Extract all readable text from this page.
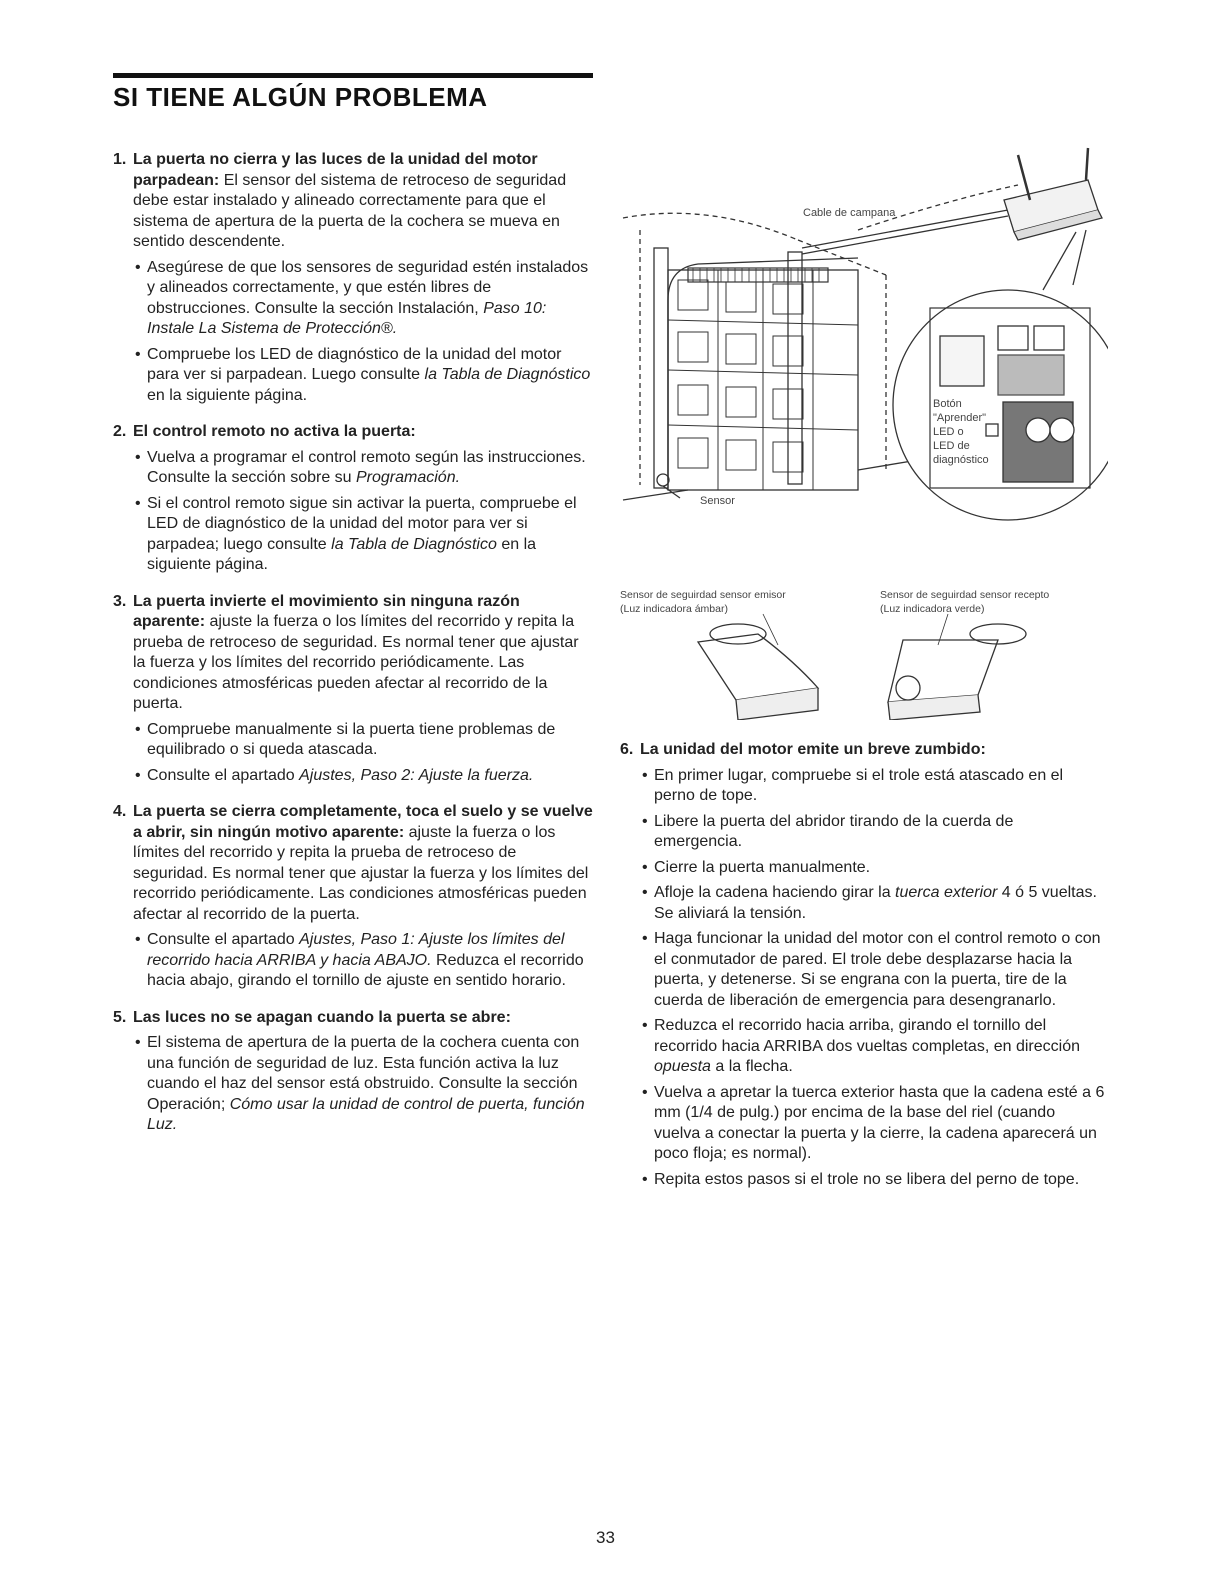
SI TIENE ALGÚN PROBLEMA
1. La puerta no cierra y las luces de la unidad del motor parpadean: El sensor del sistema de retroceso de seguridad debe estar instalado y alineado correctamente para que el sistema de apertura de la puerta de la cochera se mueva en sentido descendente.
• Asegúrese de que los sensores de seguridad estén instalados y alineados correctamente, y que estén libres de obstrucciones. Consulte la sección Instalación, Paso 10: Instale La Sistema de Protección®.
• Compruebe los LED de diagnóstico de la unidad del motor para ver si parpadean. Luego consulte la Tabla de Diagnóstico en la siguiente página.
2. El control remoto no activa la puerta:
• Vuelva a programar el control remoto según las instrucciones. Consulte la sección sobre su Programación.
• Si el control remoto sigue sin activar la puerta, compruebe el LED de diagnóstico de la unidad del motor para ver si parpadea; luego consulte la Tabla de Diagnóstico en la siguiente página.
3. La puerta invierte el movimiento sin ninguna razón aparente: ajuste la fuerza o los límites del recorrido y repita la prueba de retroceso de seguridad. Es normal tener que ajustar la fuerza y los límites del recorrido periódicamente. Las condiciones atmosféricas pueden afectar al recorrido de la puerta.
• Compruebe manualmente si la puerta tiene problemas de equilibrado o si queda atascada.
• Consulte el apartado Ajustes, Paso 2: Ajuste la fuerza.
4. La puerta se cierra completamente, toca el suelo y se vuelve a abrir, sin ningún motivo aparente: ajuste la fuerza o los límites del recorrido y repita la prueba de retroceso de seguridad. Es normal tener que ajustar la fuerza y los límites del recorrido periódicamente. Las condiciones atmosféricas pueden afectar al recorrido de la puerta.
• Consulte el apartado Ajustes, Paso 1: Ajuste los límites del recorrido hacia ARRIBA y hacia ABAJO. Reduzca el recorrido hacia abajo, girando el tornillo de ajuste en sentido horario.
5. Las luces no se apagan cuando la puerta se abre:
• El sistema de apertura de la puerta de la cochera cuenta con una función de seguridad de luz. Esta función activa la luz cuando el haz del sensor está obstruido. Consulte la sección Operación; Cómo usar la unidad de control de puerta, función Luz.
Cable de campana
Sensor
Botón
"Aprender"
LED o
LED de
diagnóstico
Sensor de seguirdad sensor emisor
(Luz indicadora ámbar)
Sensor de seguirdad sensor recepto
(Luz indicadora verde)
6. La unidad del motor emite un breve zumbido:
• En primer lugar, compruebe si el trole está atascado en el perno de tope.
• Libere la puerta del abridor tirando de la cuerda de emergencia.
• Cierre la puerta manualmente.
• Afloje la cadena haciendo girar la tuerca exterior 4 ó 5 vueltas. Se aliviará la tensión.
• Haga funcionar la unidad del motor con el control remoto o con el conmutador de pared. El trole debe desplazarse hacia la puerta, y detenerse. Si se engrana con la puerta, tire de la cuerda de liberación de emergencia para desengranarlo.
• Reduzca el recorrido hacia arriba, girando el tornillo del recorrido hacia ARRIBA dos vueltas completas, en dirección opuesta a la flecha.
• Vuelva a apretar la tuerca exterior hasta que la cadena esté a 6 mm (1/4 de pulg.) por encima de la base del riel (cuando vuelva a conectar la puerta y la cierre, la cadena aparecerá un poco floja; es normal).
• Repita estos pasos si el trole no se libera del perno de tope.
33
